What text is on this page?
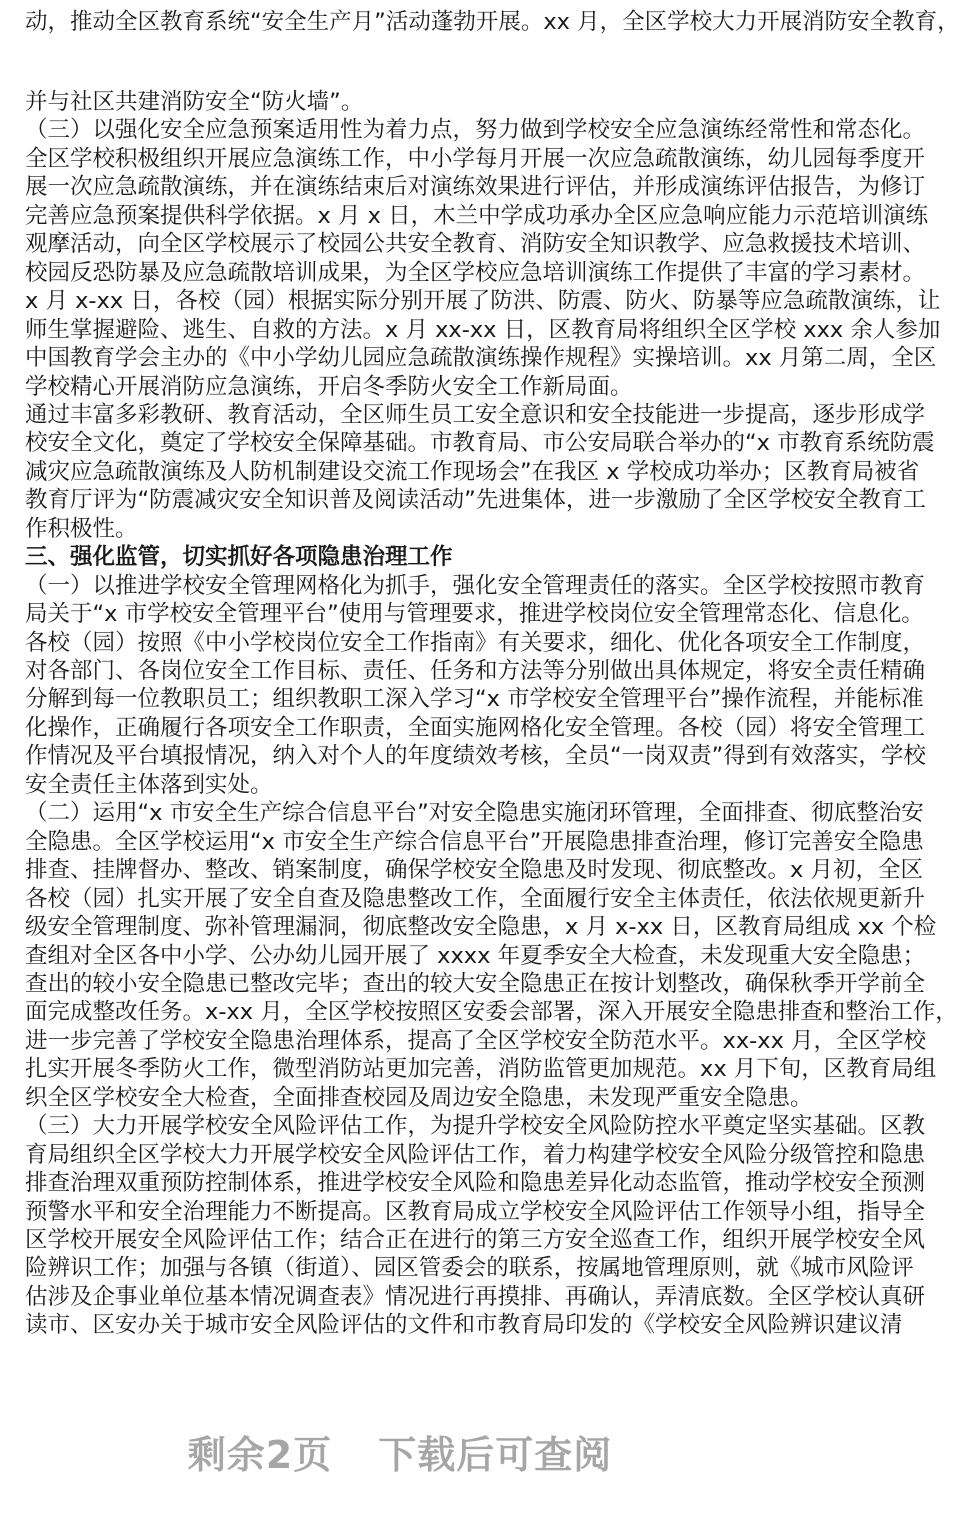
动，推动全区教育系统“安全生产月”活动蓬勃开展。xx 月，全区学校大力开展消防安全教育，
并与社区共建消防安全“防火墙”。
（三）以强化安全应急预案适用性为着力点，努力做到学校安全应急演练经常性和常态化。
全区学校积极组织开展应急演练工作，中小学每月开展一次应急疏散演练，幼儿园每季度开
展一次应急疏散演练，并在演练结束后对演练效果进行评估，并形成演练评估报告，为修订
完善应急预案提供科学依据。x 月 x 日，木兰中学成功承办全区应急响应能力示范培训演练
观摩活动，向全区学校展示了校园公共安全教育、消防安全知识教学、应急救援技术培训、
校园反恐防暴及应急疏散培训成果，为全区学校应急培训演练工作提供了丰富的学习素材。
x 月 x-xx 日，各校（园）根据实际分别开展了防洪、防震、防火、防暴等应急疏散演练，让
师生掌握避险、逃生、自救的方法。x 月 xx-xx 日，区教育局将组织全区学校 xxx 余人参加
中国教育学会主办的《中小学幼儿园应急疏散演练操作规程》实操培训。xx 月第二周，全区
学校精心开展消防应急演练，开启冬季防火安全工作新局面。
通过丰富多彩教研、教育活动，全区师生员工安全意识和安全技能进一步提高，逐步形成学
校安全文化，奠定了学校安全保障基础。市教育局、市公安局联合举办的“x 市教育系统防震
减灾应急疏散演练及人防机制建设交流工作现场会”在我区 x 学校成功举办；区教育局被省
教育厅评为“防震减灾安全知识普及阅读活动”先进集体，进一步激励了全区学校安全教育工
作积极性。
三、强化监管，切实抓好各项隐患治理工作
（一）以推进学校安全管理网格化为抓手，强化安全管理责任的落实。全区学校按照市教育
局关于“x 市学校安全管理平台”使用与管理要求，推进学校岗位安全管理常态化、信息化。
各校（园）按照《中小学校岗位安全工作指南》有关要求，细化、优化各项安全工作制度，
对各部门、各岗位安全工作目标、责任、任务和方法等分别做出具体规定，将安全责任精确
分解到每一位教职员工；组织教职工深入学习“x 市学校安全管理平台”操作流程，并能标准
化操作，正确履行各项安全工作职责，全面实施网格化安全管理。各校（园）将安全管理工
作情况及平台填报情况，纳入对个人的年度绩效考核，全员“一岗双责”得到有效落实，学校
安全责任主体落到实处。
（二）运用“x 市安全生产综合信息平台”对安全隐患实施闭环管理，全面排查、彻底整治安
全隐患。全区学校运用“x 市安全生产综合信息平台”开展隐患排查治理，修订完善安全隐患
排查、挂牌督办、整改、销案制度，确保学校安全隐患及时发现、彻底整改。x 月初，全区
各校（园）扎实开展了安全自查及隐患整改工作，全面履行安全主体责任，依法依规更新升
级安全管理制度、弥补管理漏洞，彻底整改安全隐患，x 月 x-xx 日，区教育局组成 xx 个检
查组对全区各中小学、公办幼儿园开展了 xxxx 年夏季安全大检查，未发现重大安全隐患；
查出的较小安全隐患已整改完毕；查出的较大安全隐患正在按计划整改，确保秋季开学前全
面完成整改任务。x-xx 月，全区学校按照区安委会部署，深入开展安全隐患排查和整治工作，
进一步完善了学校安全隐患治理体系，提高了全区学校安全防范水平。xx-xx 月，全区学校
扎实开展冬季防火工作，微型消防站更加完善，消防监管更加规范。xx 月下旬，区教育局组
织全区学校安全大检查，全面排查校园及周边安全隐患，未发现严重安全隐患。
（三）大力开展学校安全风险评估工作，为提升学校安全风险防控水平奠定坚实基础。区教
育局组织全区学校大力开展学校安全风险评估工作，着力构建学校安全风险分级管控和隐患
排查治理双重预防控制体系，推进学校安全风险和隐患差异化动态监管，推动学校安全预测
预警水平和安全治理能力不断提高。区教育局成立学校安全风险评估工作领导小组，指导全
区学校开展安全风险评估工作；结合正在进行的第三方安全巡查工作，组织开展学校安全风
险辨识工作；加强与各镇（街道）、园区管委会的联系，按属地管理原则，就《城市风险评
估涉及企事业单位基本情况调查表》情况进行再摸排、再确认，弄清底数。全区学校认真研
读市、区安办关于城市安全风险评估的文件和市教育局印发的《学校安全风险辨识建议清
剩余2页 下载后可查阅
